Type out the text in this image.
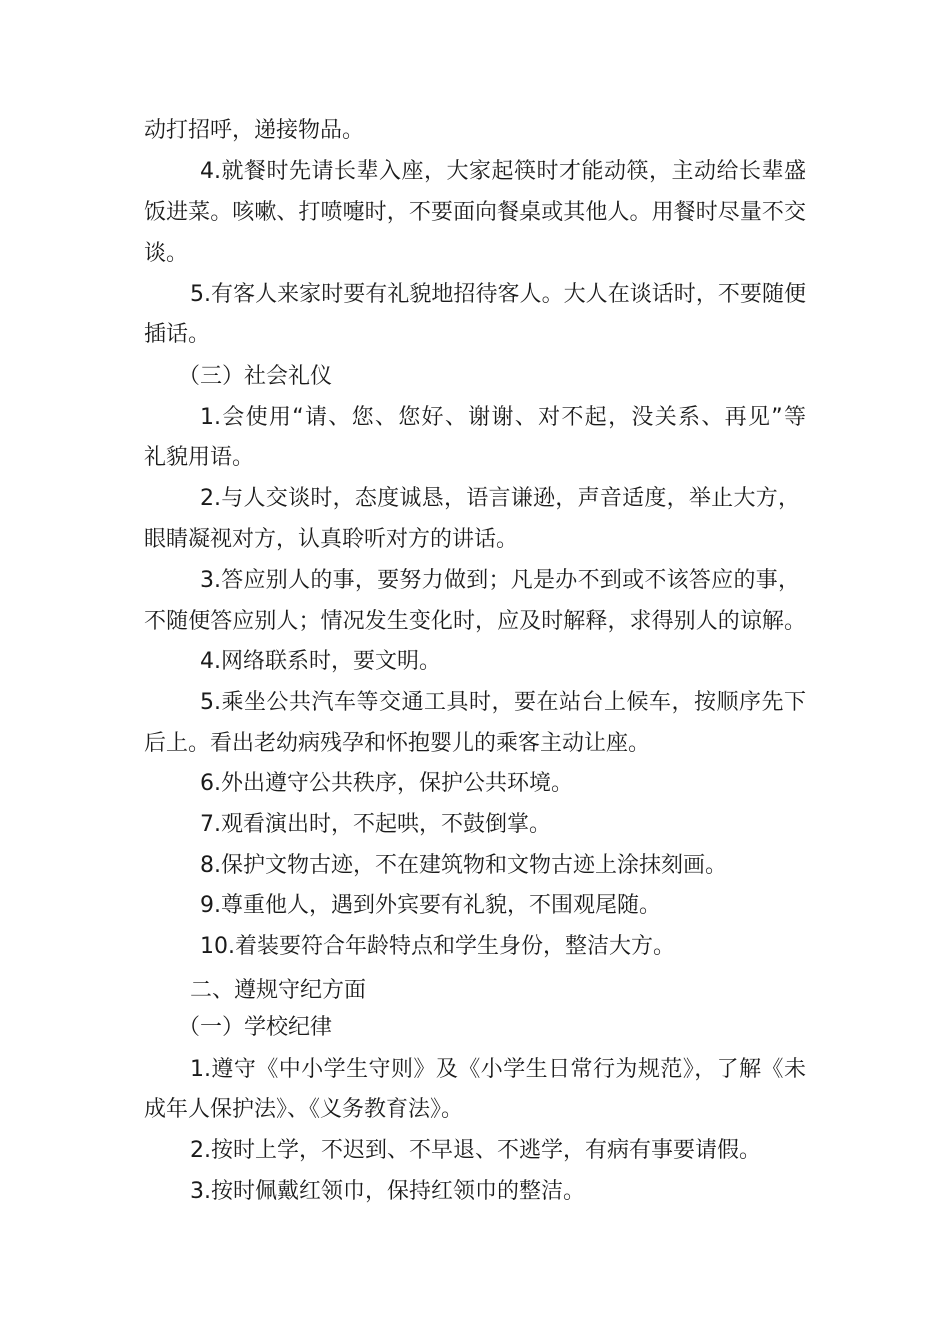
动打招呼，递接物品。
4.就餐时先请长辈入座，大家起筷时才能动筷，主动给长辈盛
饭进菜。咳嗽、打喷嚏时，不要面向餐桌或其他人。用餐时尽量不交
谈。
5.有客人来家时要有礼貌地招待客人。大人在谈话时，不要随便
插话。
（三）社会礼仪
1.会使用“请、您、您好、谢谢、对不起，没关系、再见”等
礼貌用语。
2.与人交谈时，态度诚恳，语言谦逊，声音适度，举止大方，
眼睛凝视对方，认真聆听对方的讲话。
3.答应别人的事，要努力做到；凡是办不到或不该答应的事，
不随便答应别人；情况发生变化时，应及时解释，求得别人的谅解。
4.网络联系时，要文明。
5.乘坐公共汽车等交通工具时，要在站台上候车，按顺序先下
后上。看出老幼病残孕和怀抱婴儿的乘客主动让座。
6.外出遵守公共秩序，保护公共环境。
7.观看演出时，不起哄，不鼓倒掌。
8.保护文物古迹，不在建筑物和文物古迹上涂抹刻画。
9.尊重他人，遇到外宾要有礼貌，不围观尾随。
10.着装要符合年龄特点和学生身份，整洁大方。
二、遵规守纪方面
（一）学校纪律
1.遵守《中小学生守则》及《小学生日常行为规范》，了解《未
成年人保护法》、《义务教育法》。
2.按时上学，不迟到、不早退、不逃学，有病有事要请假。
3.按时佩戴红领巾，保持红领巾的整洁。
